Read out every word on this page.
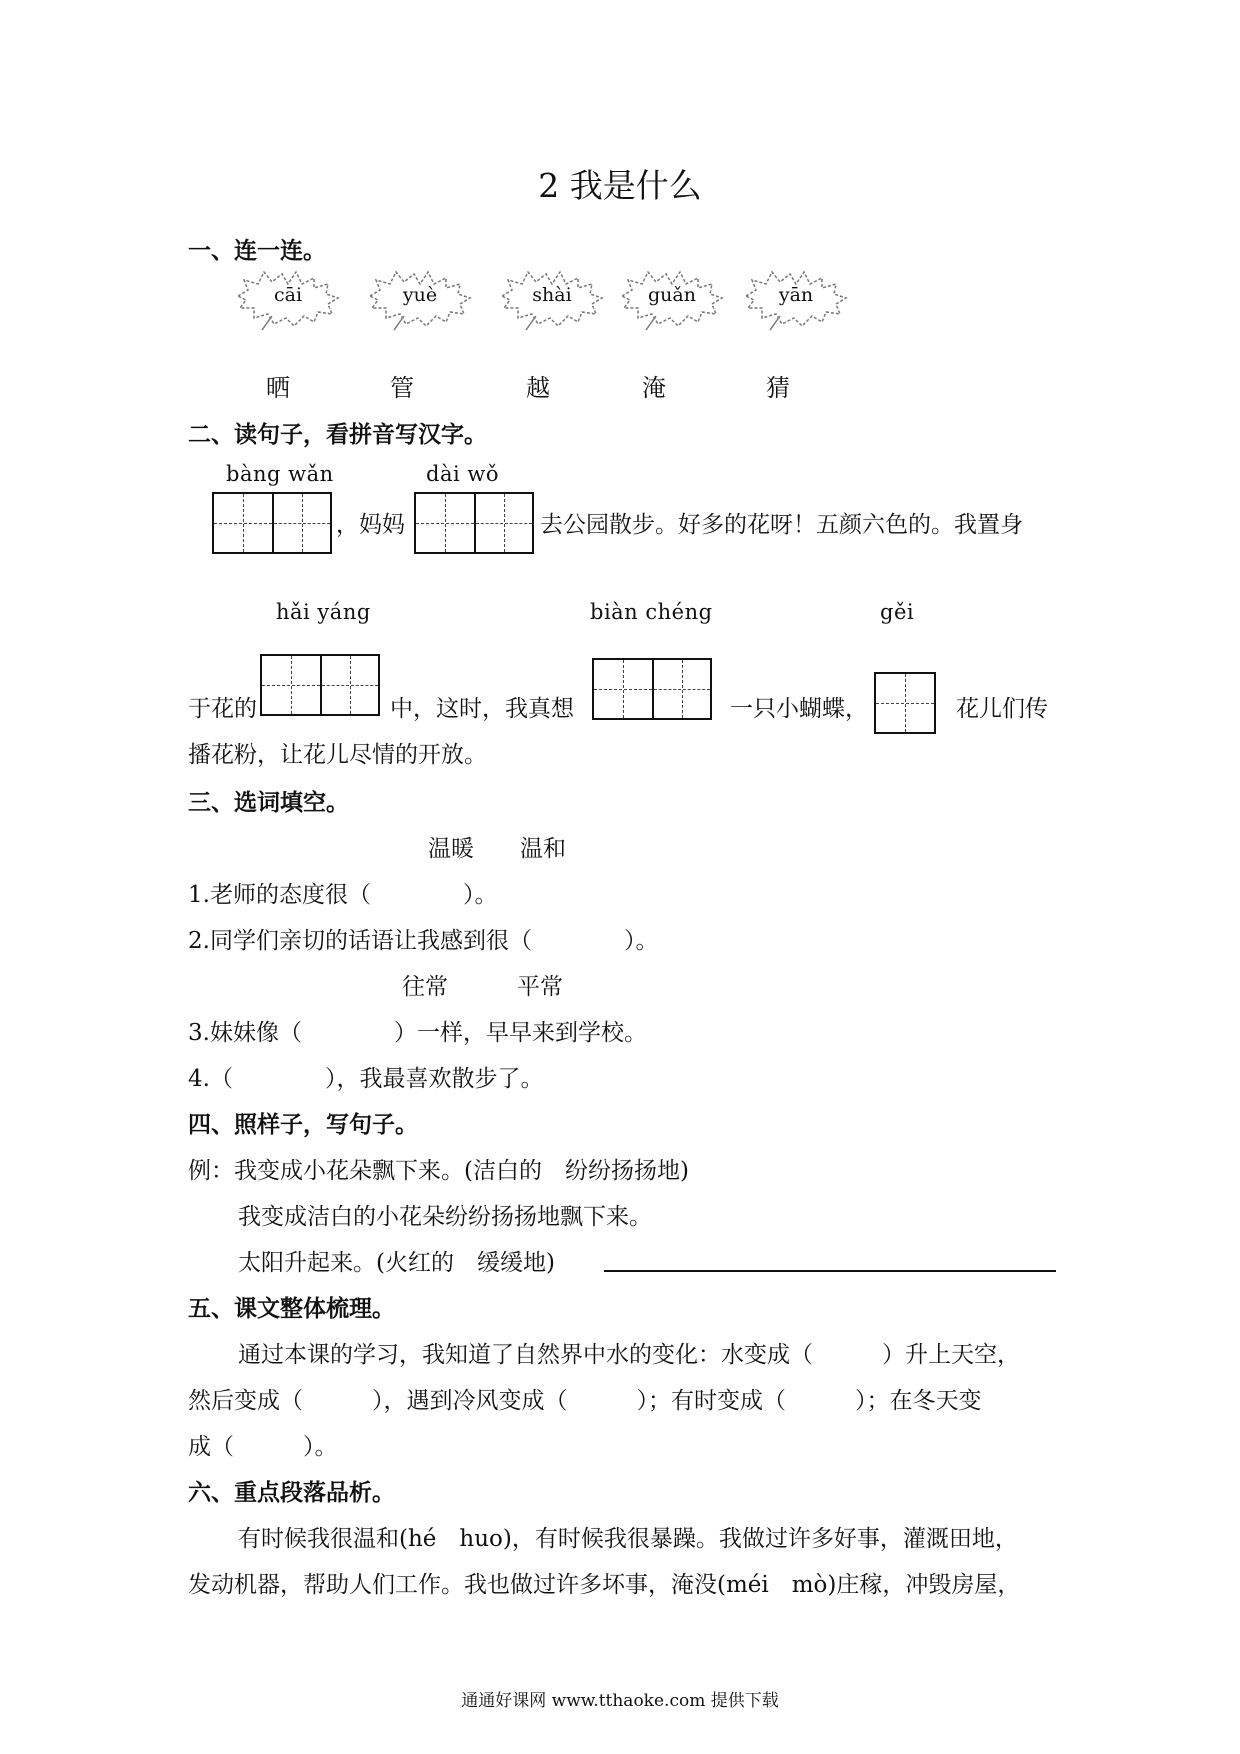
2 我是什么
一、连一连。
cāi	yuè	shài	guǎn	yān
晒	管	越	淹	猜
二、读句子，看拼音写汉字。
bàng wǎn	dài wǒ
，妈妈	去公园散步。好多的花呀！五颜六色的。我置身
hǎi yáng	biàn chéng	gěi
于花的	中，这时，我真想	一只小蝴蝶，	花儿们传
播花粉，让花儿尽情的开放。
三、选词填空。
温暖　　温和
1.老师的态度很（　　　　）。
2.同学们亲切的话语让我感到很（　　　　）。
往常　　　平常
3.妹妹像（　　　　）一样，早早来到学校。
4.（　　　　），我最喜欢散步了。
四、照样子，写句子。
例：我变成小花朵飘下来。(洁白的　纷纷扬扬地)
我变成洁白的小花朵纷纷扬扬地飘下来。
太阳升起来。(火红的　缓缓地)
五、课文整体梳理。
通过本课的学习，我知道了自然界中水的变化：水变成（　　　）升上天空，
然后变成（　　　），遇到冷风变成（　　　）；有时变成（　　　）；在冬天变
成（　　　）。
六、重点段落品析。
有时候我很温和(hé　huo)，有时候我很暴躁。我做过许多好事，灌溉田地，
发动机器，帮助人们工作。我也做过许多坏事，淹没(méi　mò)庄稼，冲毁房屋，
通通好课网 www.tthaoke.com 提供下载
